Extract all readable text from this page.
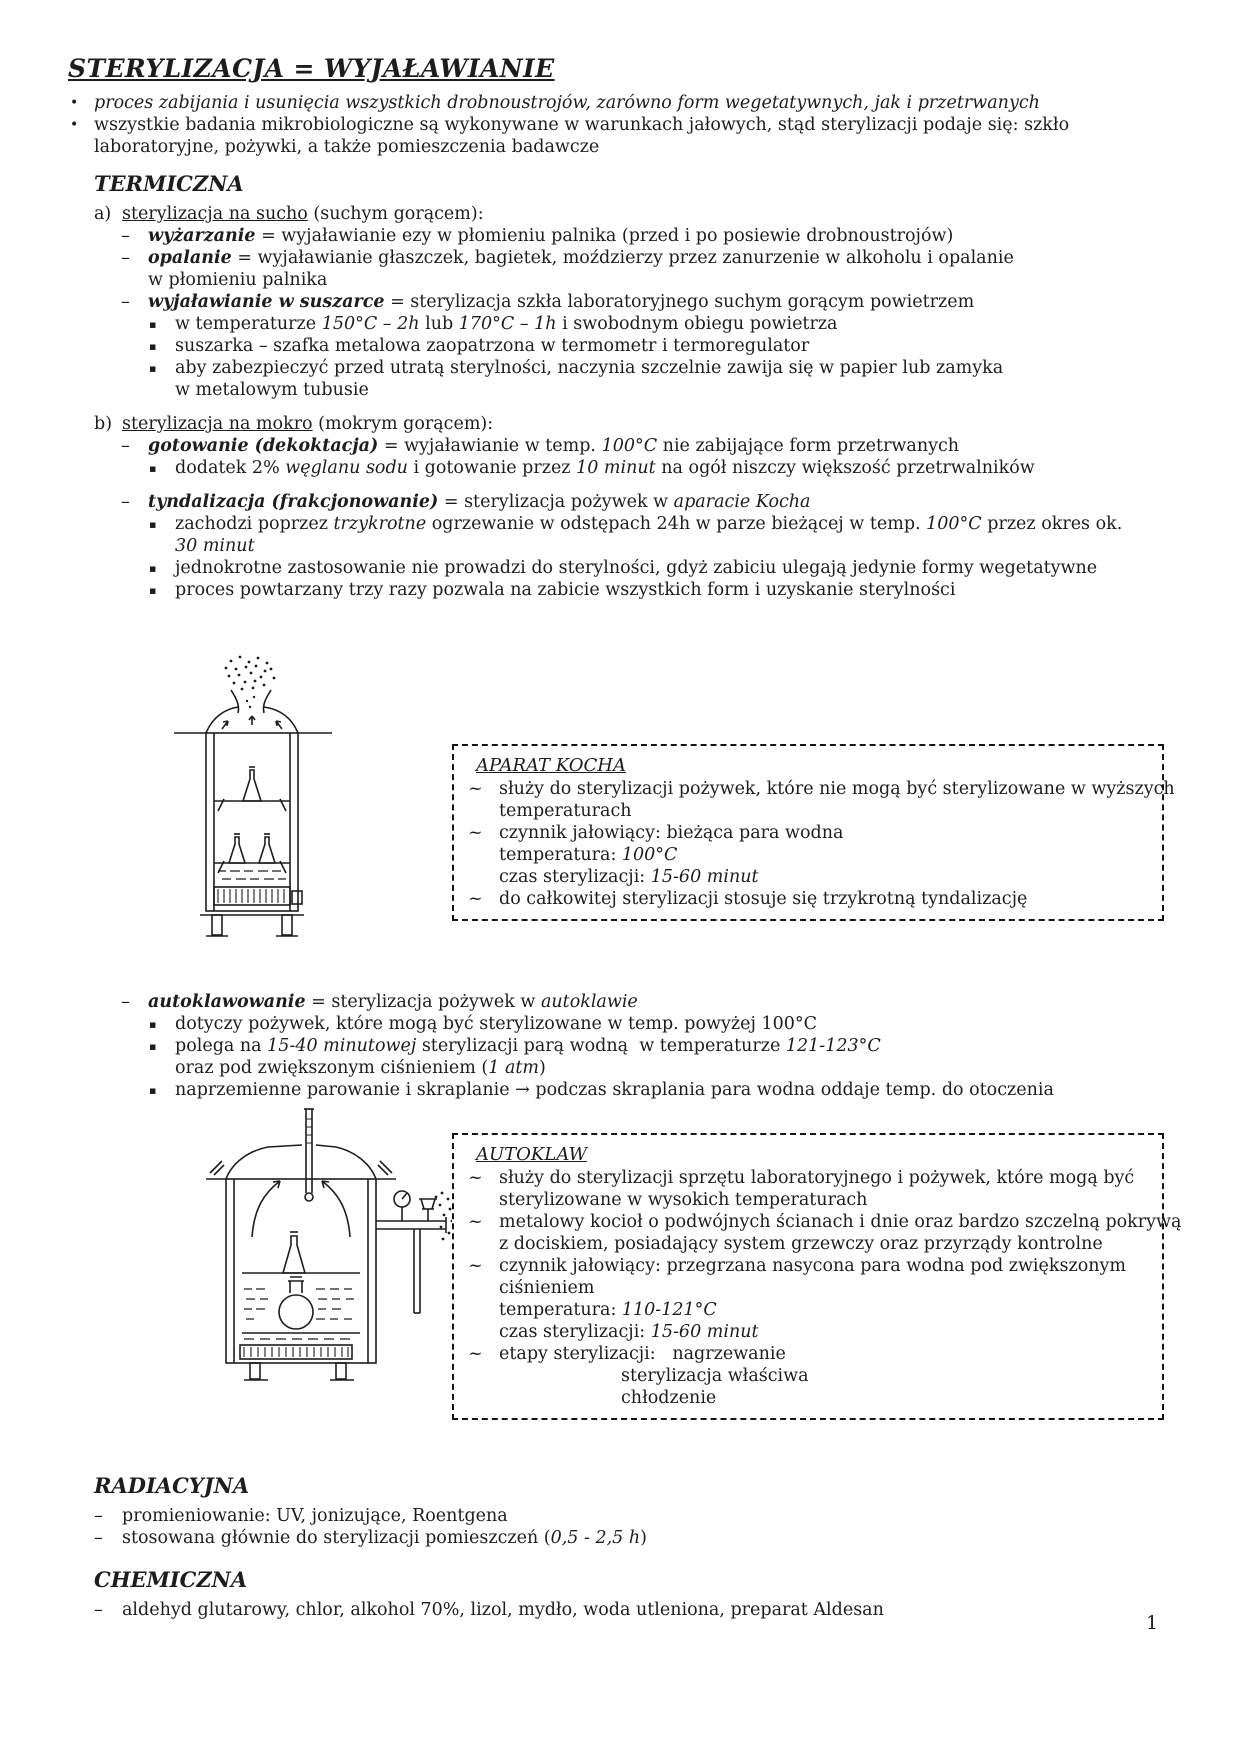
STERYLIZACJA = WYJAŁAWIANIE
• proces zabijania i usunięcia wszystkich drobnoustrojów, zarówno form wegetatywnych, jak i przetrwanych
• wszystkie badania mikrobiologiczne są wykonywane w warunkach jałowych, stąd sterylizacji podaje się: szkło
laboratoryjne, pożywki, a także pomieszczenia badawcze
TERMICZNA
a) sterylizacja na sucho (suchym gorącem):
– wyżarzanie = wyjaławianie ezy w płomieniu palnika (przed i po posiewie drobnoustrojów)
– opalanie = wyjaławianie głaszczek, bagietek, moździerzy przez zanurzenie w alkoholu i opalanie
w płomieniu palnika
– wyjaławianie w suszarce = sterylizacja szkła laboratoryjnego suchym gorącym powietrzem
▪ w temperaturze 150°C – 2h lub 170°C – 1h i swobodnym obiegu powietrza
▪ suszarka – szafka metalowa zaopatrzona w termometr i termoregulator
▪ aby zabezpieczyć przed utratą sterylności, naczynia szczelnie zawija się w papier lub zamyka
w metalowym tubusie
b) sterylizacja na mokro (mokrym gorącem):
– gotowanie (dekoktacja) = wyjaławianie w temp. 100°C nie zabijające form przetrwanych
▪ dodatek 2% węglanu sodu i gotowanie przez 10 minut na ogół niszczy większość przetrwalników
– tyndalizacja (frakcjonowanie) = sterylizacja pożywek w aparacie Kocha
▪ zachodzi poprzez trzykrotne ogrzewanie w odstępach 24h w parze bieżącej w temp. 100°C przez okres ok.
30 minut
▪ jednokrotne zastosowanie nie prowadzi do sterylności, gdyż zabiciu ulegają jedynie formy wegetatywne
▪ proces powtarzany trzy razy pozwala na zabicie wszystkich form i uzyskanie sterylności
APARAT KOCHA
~ służy do sterylizacji pożywek, które nie mogą być sterylizowane w wyższych
temperaturach
~ czynnik jałowiący: bieżąca para wodna
temperatura: 100°C
czas sterylizacji: 15-60 minut
~ do całkowitej sterylizacji stosuje się trzykrotną tyndalizację
– autoklawowanie = sterylizacja pożywek w autoklawie
▪ dotyczy pożywek, które mogą być sterylizowane w temp. powyżej 100°C
▪ polega na 15-40 minutowej sterylizacji parą wodną  w temperaturze 121-123°C
oraz pod zwiększonym ciśnieniem (1 atm)
▪ naprzemienne parowanie i skraplanie → podczas skraplania para wodna oddaje temp. do otoczenia
AUTOKLAW
~ służy do sterylizacji sprzętu laboratoryjnego i pożywek, które mogą być
sterylizowane w wysokich temperaturach
~ metalowy kocioł o podwójnych ścianach i dnie oraz bardzo szczelną pokrywą
z dociskiem, posiadający system grzewczy oraz przyrządy kontrolne
~ czynnik jałowiący: przegrzana nasycona para wodna pod zwiększonym
ciśnieniem
temperatura: 110-121°C
czas sterylizacji: 15-60 minut
~ etapy sterylizacji:   nagrzewanie
sterylizacja właściwa
chłodzenie
RADIACYJNA
– promieniowanie: UV, jonizujące, Roentgena
– stosowana głównie do sterylizacji pomieszczeń (0,5 - 2,5 h)
CHEMICZNA
– aldehyd glutarowy, chlor, alkohol 70%, lizol, mydło, woda utleniona, preparat Aldesan
1
